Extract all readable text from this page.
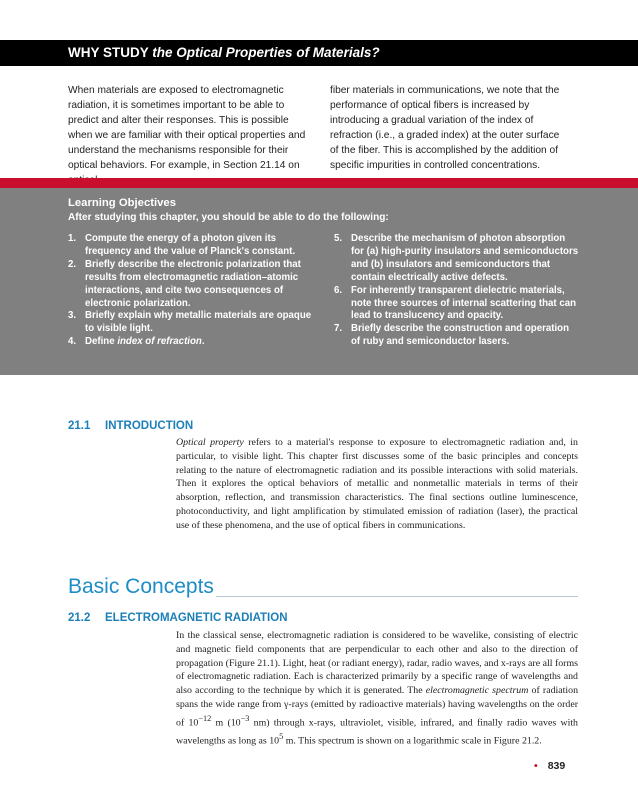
WHY STUDY the Optical Properties of Materials?
When materials are exposed to electromagnetic radiation, it is sometimes important to be able to predict and alter their responses. This is possible when we are familiar with their optical properties and understand the mechanisms responsible for their optical behaviors. For example, in Section 21.14 on
fiber materials in communications, we note that the performance of optical fibers is increased by introducing a gradual variation of the index of refraction (i.e., a graded index) at the outer surface of the fiber. This is accomplished by the addition of specific impurities in controlled concentrations.
Learning Objectives
After studying this chapter, you should be able to do the following:
1. Compute the energy of a photon given its frequency and the value of Planck's constant.
2. Briefly describe the electronic polarization that results from electromagnetic radiation–atomic interactions, and cite two consequences of electronic polarization.
3. Briefly explain why metallic materials are opaque to visible light.
4. Define index of refraction.
5. Describe the mechanism of photon absorption for (a) high-purity insulators and semiconductors and (b) insulators and semiconductors that contain electrically active defects.
6. For inherently transparent dielectric materials, note three sources of internal scattering that can lead to translucency and opacity.
7. Briefly describe the construction and operation of ruby and semiconductor lasers.
21.1 INTRODUCTION
Optical property refers to a material's response to exposure to electromagnetic radiation and, in particular, to visible light. This chapter first discusses some of the basic principles and concepts relating to the nature of electromagnetic radiation and its possible interactions with solid materials. Then it explores the optical behaviors of metallic and nonmetallic materials in terms of their absorption, reflection, and transmission characteristics. The final sections outline luminescence, photoconductivity, and light amplification by stimulated emission of radiation (laser), the practical use of these phenomena, and the use of optical fibers in communications.
Basic Concepts
21.2 ELECTROMAGNETIC RADIATION
In the classical sense, electromagnetic radiation is considered to be wavelike, consisting of electric and magnetic field components that are perpendicular to each other and also to the direction of propagation (Figure 21.1). Light, heat (or radiant energy), radar, radio waves, and x-rays are all forms of electromagnetic radiation. Each is characterized primarily by a specific range of wavelengths and also according to the technique by which it is generated. The electromagnetic spectrum of radiation spans the wide range from γ-rays (emitted by radioactive materials) having wavelengths on the order of $10^{-12}$ m ($10^{-3}$ nm) through x-rays, ultraviolet, visible, infrared, and finally radio waves with wavelengths as long as $10^5$ m. This spectrum is shown on a logarithmic scale in Figure 21.2.
• 839
